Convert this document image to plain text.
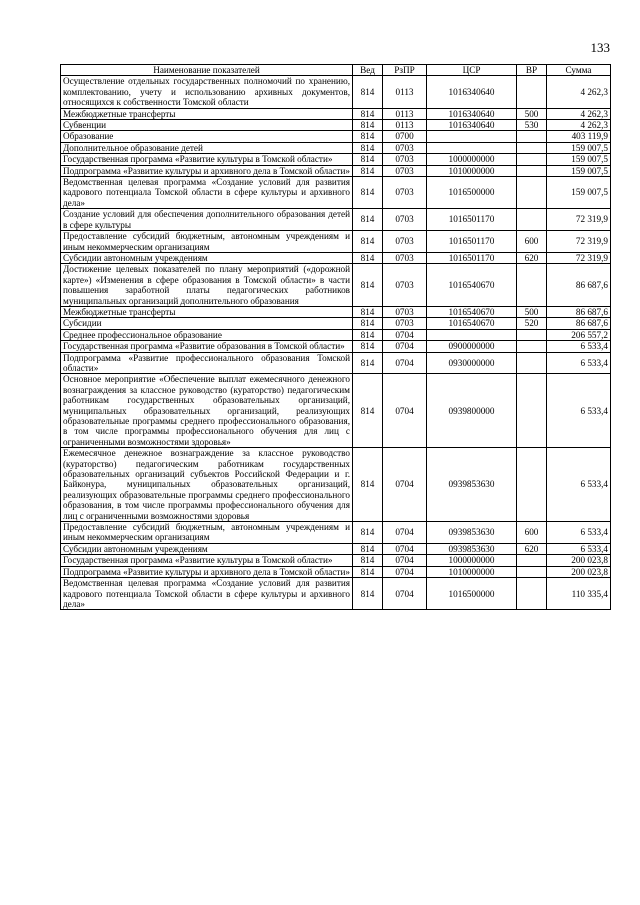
133
Наименование показателей	Вед	РзПР	ЦСР	ВР	Сумма
Осуществление отдельных государственных полномочий по хранению, комплектованию, учету и использованию архивных документов, относящихся к собственности Томской области	814	0113	1016340640		4 262,3
Межбюджетные трансферты	814	0113	1016340640	500	4 262,3
Субвенции	814	0113	1016340640	530	4 262,3
Образование	814	0700			403 119,9
Дополнительное образование детей	814	0703			159 007,5
Государственная программа «Развитие культуры в Томской области»	814	0703	1000000000		159 007,5
Подпрограмма «Развитие культуры и архивного дела в Томской области»	814	0703	1010000000		159 007,5
Ведомственная целевая программа «Создание условий для развития кадрового потенциала Томской области в сфере культуры и архивного дела»	814	0703	1016500000		159 007,5
Создание условий для обеспечения дополнительного образования детей в сфере культуры	814	0703	1016501170		72 319,9
Предоставление субсидий бюджетным, автономным учреждениям и иным некоммерческим организациям	814	0703	1016501170	600	72 319,9
Субсидии автономным учреждениям	814	0703	1016501170	620	72 319,9
Достижение целевых показателей по плану мероприятий («дорожной карте») «Изменения в сфере образования в Томской области» в части повышения заработной платы педагогических работников муниципальных организаций дополнительного образования	814	0703	1016540670		86 687,6
Межбюджетные трансферты	814	0703	1016540670	500	86 687,6
Субсидии	814	0703	1016540670	520	86 687,6
Среднее профессиональное образование	814	0704			206 557,2
Государственная программа «Развитие образования в Томской области»	814	0704	0900000000		6 533,4
Подпрограмма «Развитие профессионального образования Томской области»	814	0704	0930000000		6 533,4
Основное мероприятие «Обеспечение выплат ежемесячного денежного вознаграждения за классное руководство (кураторство) педагогическим работникам государственных образовательных организаций, муниципальных образовательных организаций, реализующих образовательные программы среднего профессионального образования, в том числе программы профессионального обучения для лиц с ограниченными возможностями здоровья»	814	0704	0939800000		6 533,4
Ежемесячное денежное вознаграждение за классное руководство (кураторство) педагогическим работникам государственных образовательных организаций субъектов Российской Федерации и г. Байконура, муниципальных образовательных организаций, реализующих образовательные программы среднего профессионального образования, в том числе программы профессионального обучения для лиц с ограниченными возможностями здоровья	814	0704	0939853630		6 533,4
Предоставление субсидий бюджетным, автономным учреждениям и иным некоммерческим организациям	814	0704	0939853630	600	6 533,4
Субсидии автономным учреждениям	814	0704	0939853630	620	6 533,4
Государственная программа «Развитие культуры в Томской области»	814	0704	1000000000		200 023,8
Подпрограмма «Развитие культуры и архивного дела в Томской области»	814	0704	1010000000		200 023,8
Ведомственная целевая программа «Создание условий для развития кадрового потенциала Томской области в сфере культуры и архивного дела»	814	0704	1016500000		110 335,4
